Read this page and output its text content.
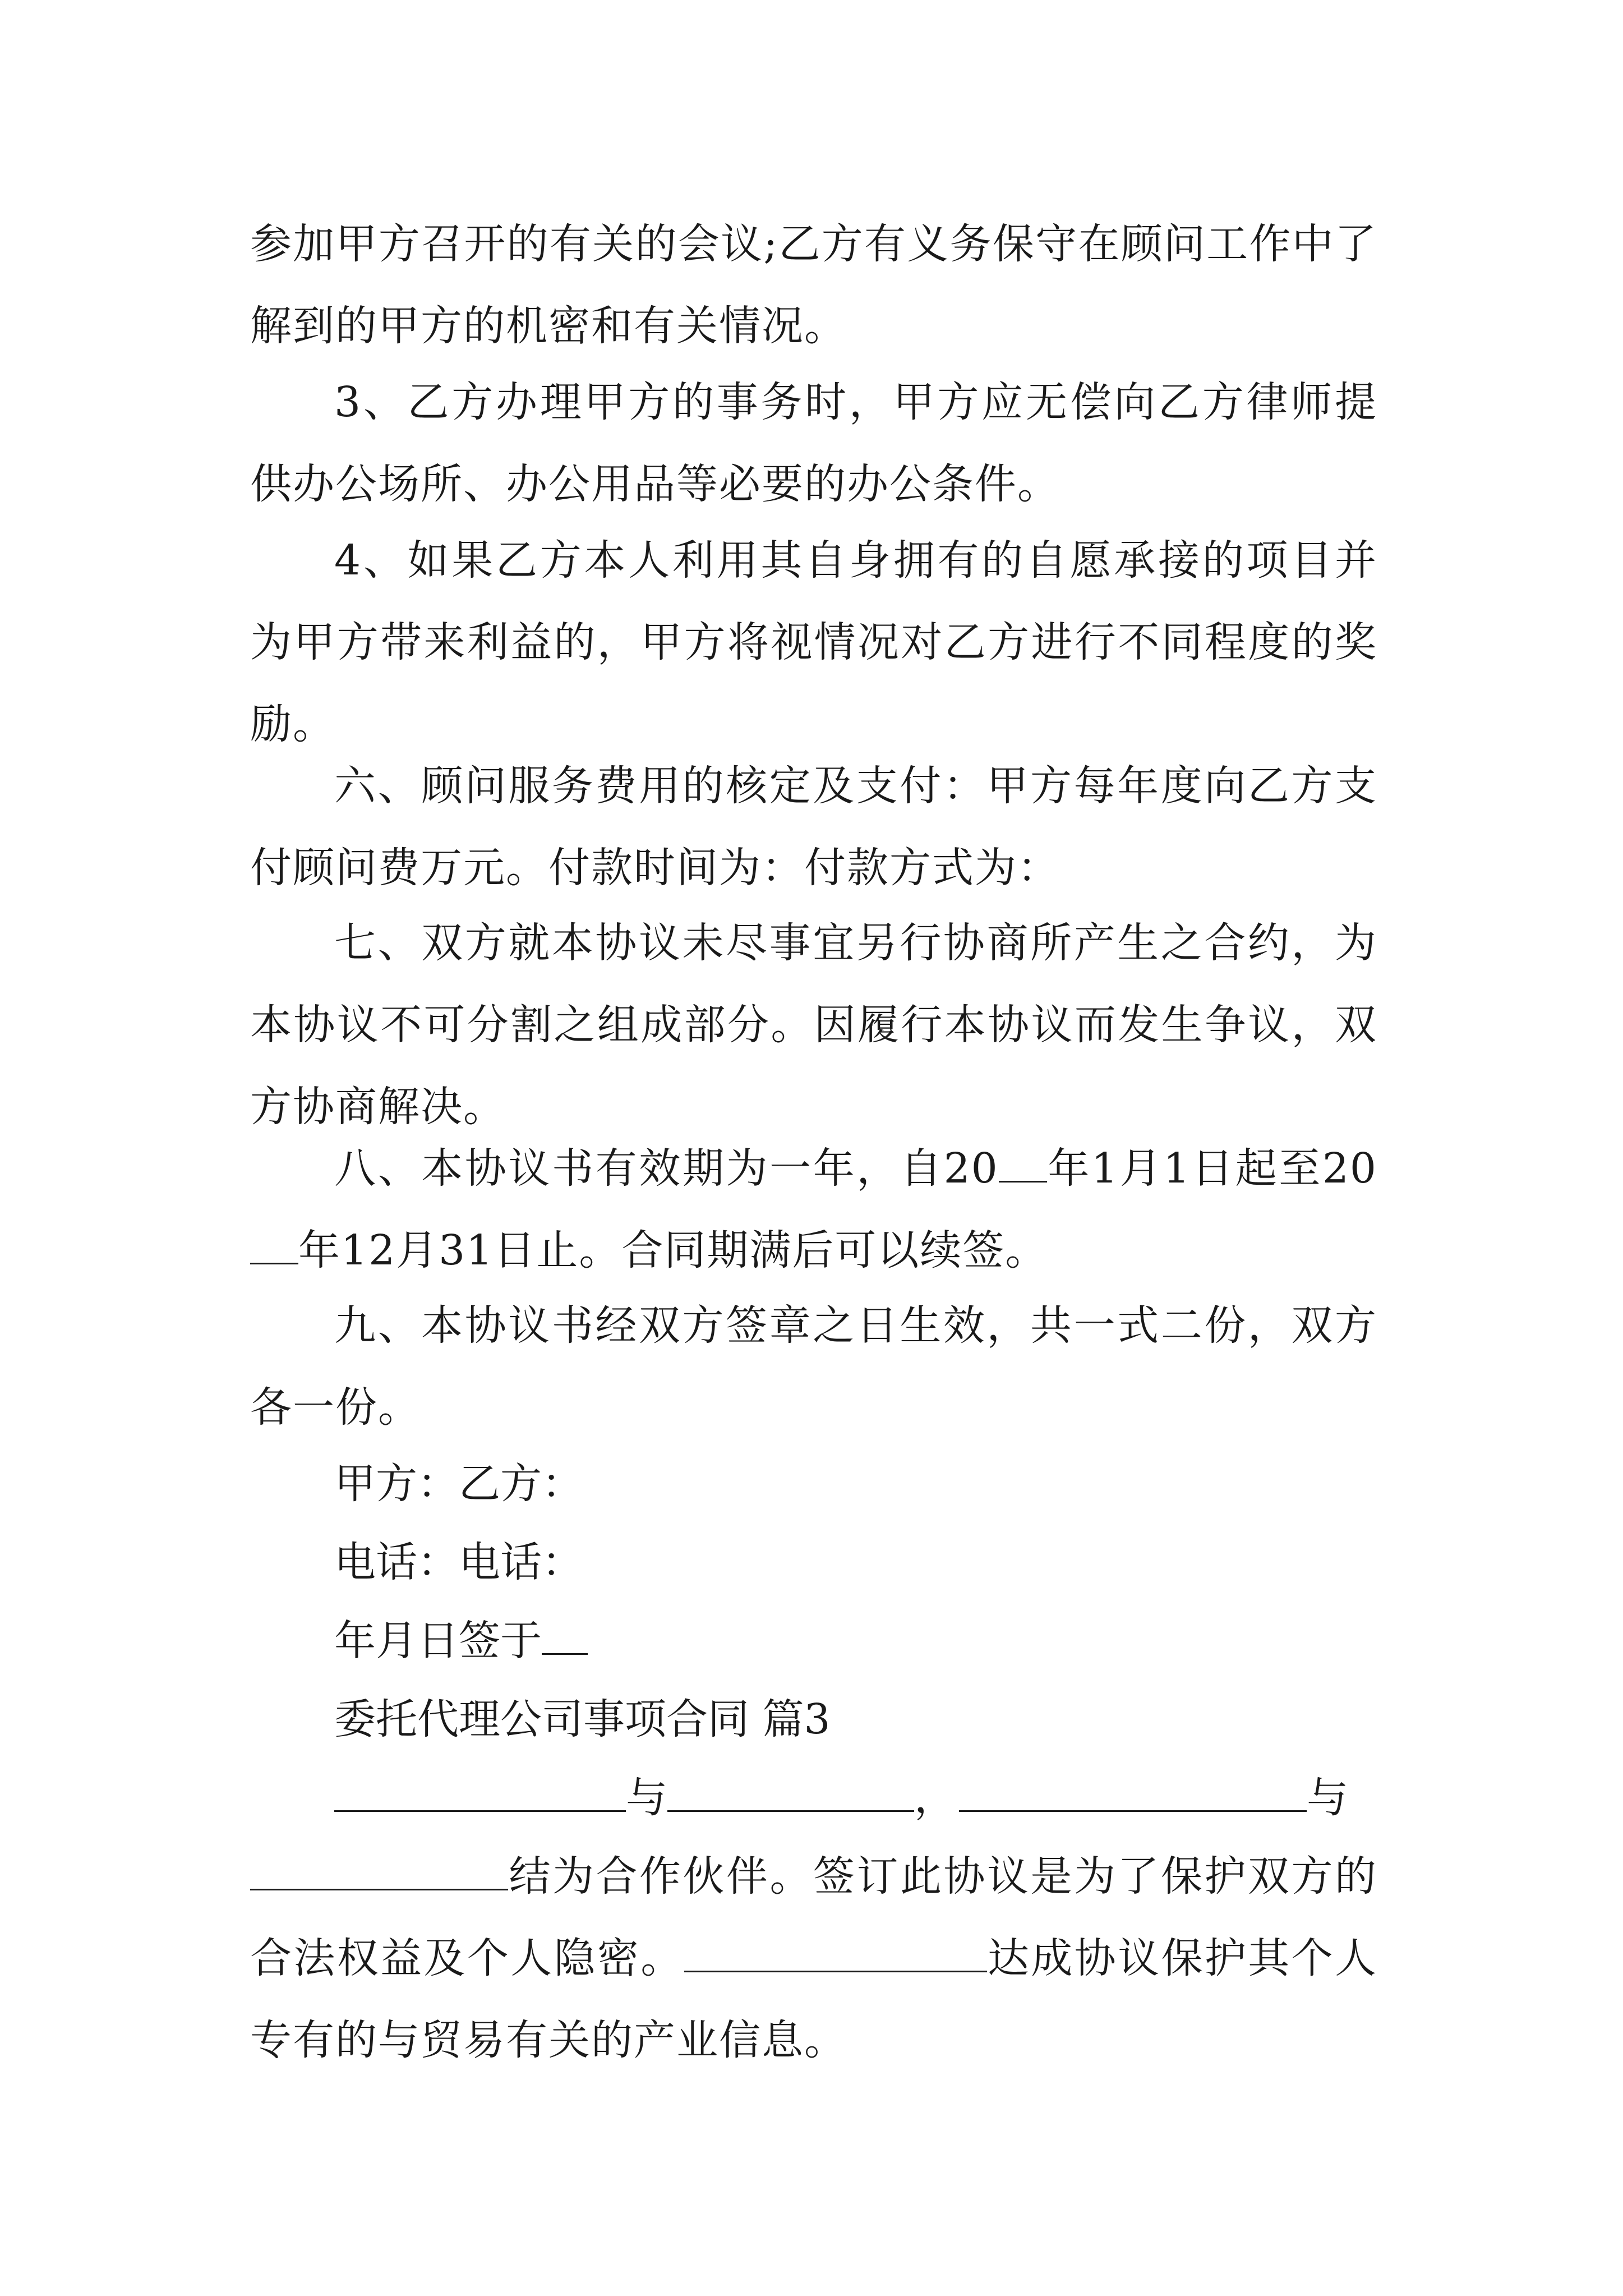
参加甲方召开的有关的会议;乙方有义务保守在顾问工作中了解到的甲方的机密和有关情况。

3、乙方办理甲方的事务时，甲方应无偿向乙方律师提供办公场所、办公用品等必要的办公条件。

4、如果乙方本人利用其自身拥有的自愿承接的项目并为甲方带来利益的，甲方将视情况对乙方进行不同程度的奖励。

六、顾问服务费用的核定及支付：甲方每年度向乙方支付顾问费万元。付款时间为：付款方式为：

七、双方就本协议未尽事宜另行协商所产生之合约，为本协议不可分割之组成部分。因履行本协议而发生争议，双方协商解决。

八、本协议书有效期为一年，自20 年1月1日起至20年12月31日止。合同期满后可以续签。

九、本协议书经双方签章之日生效，共一式二份，双方各一份。

甲方：乙方：

电话：电话：

年月日签于

委托代理公司事项合同 篇3

与	，	与
结为合作伙伴。签订此协议是为了保护双方的合法权益及个人隐密。	达成协议保护其个人专有的与贸易有关的产业信息。
